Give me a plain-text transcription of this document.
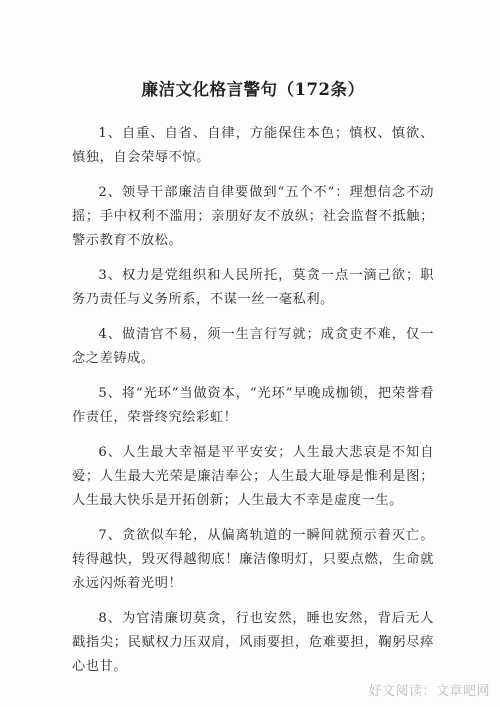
廉洁文化格言警句（172条）

1、自重、自省、自律，方能保住本色；慎权、慎欲、慎独，自会荣辱不惊。

2、领导干部廉洁自律要做到“五个不”：理想信念不动摇；手中权利不滥用；亲朋好友不放纵；社会监督不抵触；警示教育不放松。

3、权力是党组织和人民所托，莫贪一点一滴己欲；职务乃责任与义务所系，不谋一丝一毫私利。

4、做清官不易，须一生言行写就；成贪吏不难，仅一念之差铸成。

5、将“光环”当做资本，“光环”早晚成枷锁，把荣誉看作责任，荣誉终究绘彩虹！

6、人生最大幸福是平平安安；人生最大悲哀是不知自爱；人生最大光荣是廉洁奉公；人生最大耻辱是惟利是图；人生最大快乐是开拓创新；人生最大不幸是虚度一生。

7、贪欲似车轮，从偏离轨道的一瞬间就预示着灭亡。转得越快，毁灭得越彻底！廉洁像明灯，只要点燃，生命就永远闪烁着光明！

8、为官清廉切莫贪，行也安然，睡也安然，背后无人戳指尖；民赋权力压双肩，风雨要担，危难要担，鞠躬尽瘁心也甘。

好文阅读：文章吧网
